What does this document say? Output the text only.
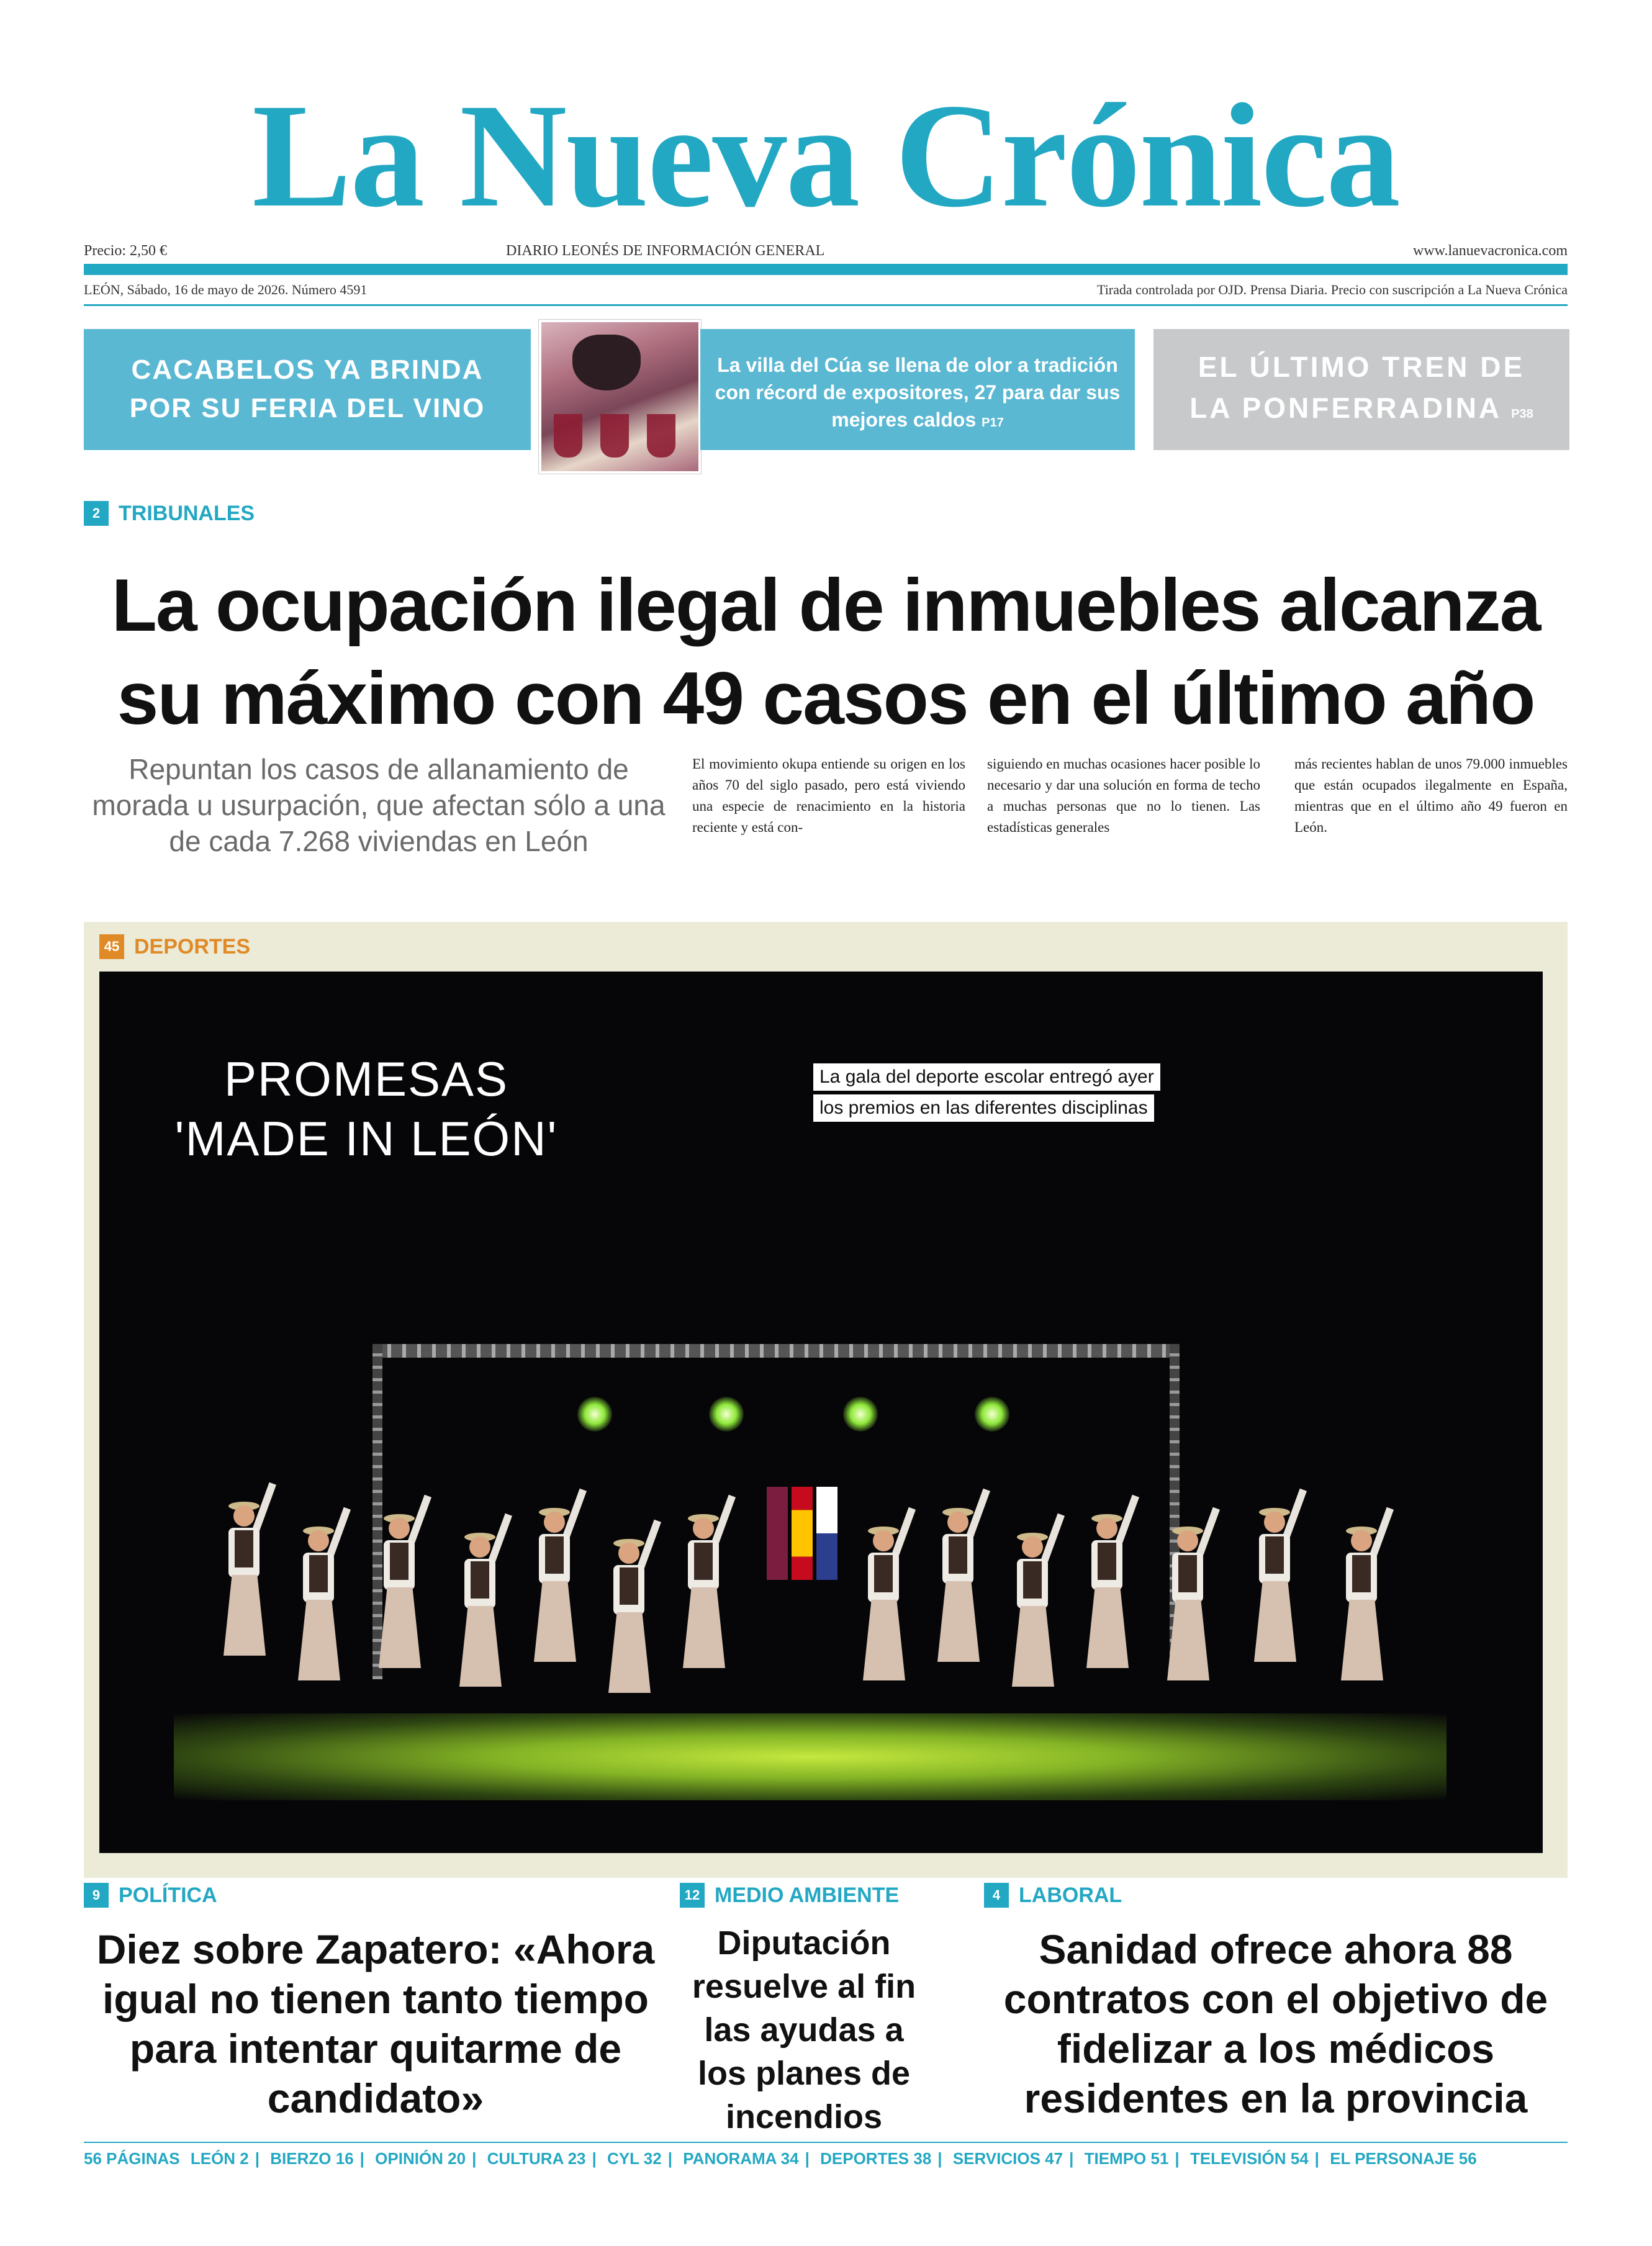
La Nueva Crónica
Precio: 2,50 €	DIARIO LEONÉS DE INFORMACIÓN GENERAL	www.lanuevacronica.com
LEÓN, Sábado, 16 de mayo de 2026. Número 4591	Tirada controlada por OJD. Prensa Diaria. Precio con suscripción a La Nueva Crónica
CACABELOS YA BRINDA
POR SU FERIA DEL VINO
La villa del Cúa se llena de olor a tradición con récord de expositores, 27 para dar sus mejores caldos P17
EL ÚLTIMO TREN DE
LA PONFERRADINA P38
2 TRIBUNALES
La ocupación ilegal de inmuebles alcanza su máximo con 49 casos en el último año
Repuntan los casos de allanamiento de morada u usurpación, que afectan sólo a una de cada 7.268 viviendas en León
El movimiento okupa entiende su origen en los años 70 del siglo pasado, pero está viviendo una especie de renacimiento en la historia reciente y está con-
siguiendo en muchas ocasiones hacer posible lo necesario y dar una solución en forma de techo a muchas personas que no lo tienen. Las estadísticas generales
más recientes hablan de unos 79.000 inmuebles que están ocupados ilegalmente en España, mientras que en el último año 49 fueron en León.
45 DEPORTES
PROMESAS
'MADE IN LEÓN'
La gala del deporte escolar entregó ayer
los premios en las diferentes disciplinas
9 POLÍTICA
Diez sobre Zapatero: «Ahora igual no tienen tanto tiempo para intentar quitarme de candidato»
12 MEDIO AMBIENTE
Diputación resuelve al fin las ayudas a los planes de incendios
4 LABORAL
Sanidad ofrece ahora 88 contratos con el objetivo de fidelizar a los médicos residentes en la provincia
56 PÁGINAS LEÓN 2 | BIERZO 16 | OPINIÓN 20 | CULTURA 23 | CYL 32 | PANORAMA 34 | DEPORTES 38 | SERVICIOS 47 | TIEMPO 51 | TELEVISIÓN 54 | EL PERSONAJE 56
